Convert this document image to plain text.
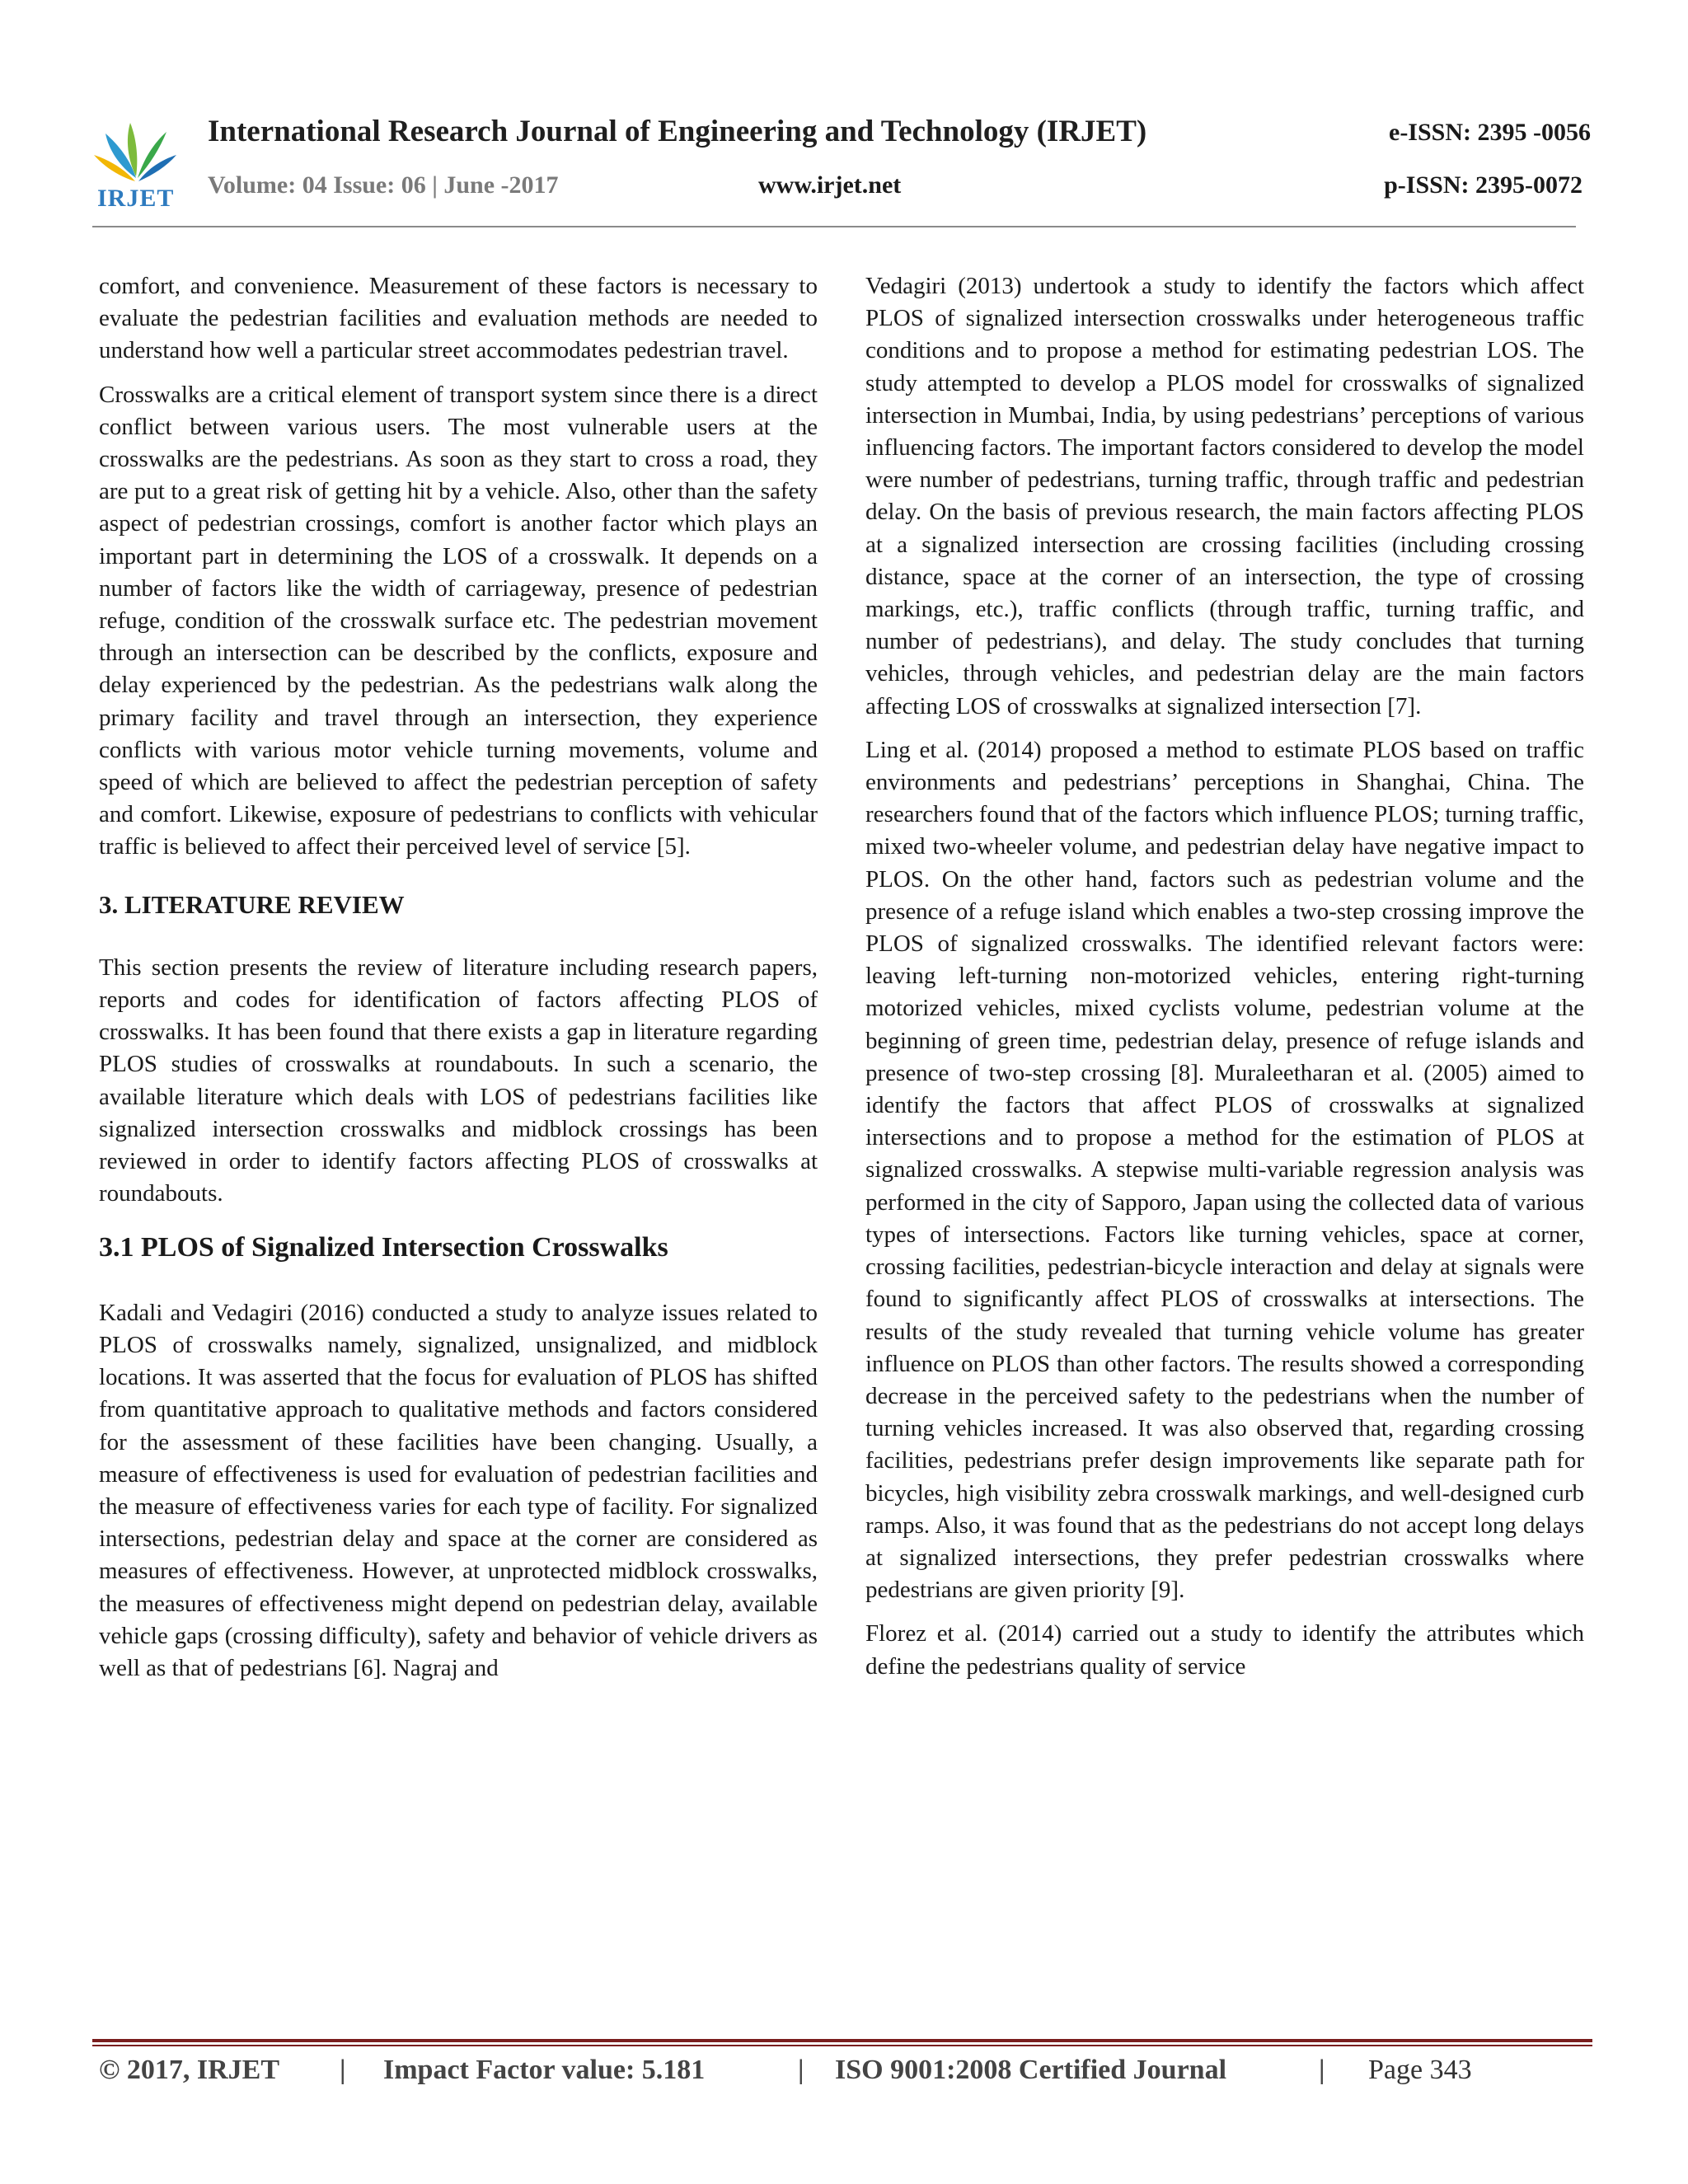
IRJET
International Research Journal of Engineering and Technology (IRJET)	e-ISSN: 2395 -0056
Volume: 04 Issue: 06 | June -2017	www.irjet.net	p-ISSN: 2395-0072

comfort, and convenience. Measurement of these factors is necessary to evaluate the pedestrian facilities and evaluation methods are needed to understand how well a particular street accommodates pedestrian travel.

Crosswalks are a critical element of transport system since there is a direct conflict between various users. The most vulnerable users at the crosswalks are the pedestrians. As soon as they start to cross a road, they are put to a great risk of getting hit by a vehicle. Also, other than the safety aspect of pedestrian crossings, comfort is another factor which plays an important part in determining the LOS of a crosswalk. It depends on a number of factors like the width of carriageway, presence of pedestrian refuge, condition of the crosswalk surface etc. The pedestrian movement through an intersection can be described by the conflicts, exposure and delay experienced by the pedestrian. As the pedestrians walk along the primary facility and travel through an intersection, they experience conflicts with various motor vehicle turning movements, volume and speed of which are believed to affect the pedestrian perception of safety and comfort. Likewise, exposure of pedestrians to conflicts with vehicular traffic is believed to affect their perceived level of service [5].

3. LITERATURE REVIEW

This section presents the review of literature including research papers, reports and codes for identification of factors affecting PLOS of crosswalks. It has been found that there exists a gap in literature regarding PLOS studies of crosswalks at roundabouts. In such a scenario, the available literature which deals with LOS of pedestrians facilities like signalized intersection crosswalks and midblock crossings has been reviewed in order to identify factors affecting PLOS of crosswalks at roundabouts.

3.1 PLOS of Signalized Intersection Crosswalks

Kadali and Vedagiri (2016) conducted a study to analyze issues related to PLOS of crosswalks namely, signalized, unsignalized, and midblock locations. It was asserted that the focus for evaluation of PLOS has shifted from quantitative approach to qualitative methods and factors considered for the assessment of these facilities have been changing. Usually, a measure of effectiveness is used for evaluation of pedestrian facilities and the measure of effectiveness varies for each type of facility. For signalized intersections, pedestrian delay and space at the corner are considered as measures of effectiveness. However, at unprotected midblock crosswalks, the measures of effectiveness might depend on pedestrian delay, available vehicle gaps (crossing difficulty), safety and behavior of vehicle drivers as well as that of pedestrians [6]. Nagraj and

Vedagiri (2013) undertook a study to identify the factors which affect PLOS of signalized intersection crosswalks under heterogeneous traffic conditions and to propose a method for estimating pedestrian LOS. The study attempted to develop a PLOS model for crosswalks of signalized intersection in Mumbai, India, by using pedestrians’ perceptions of various influencing factors. The important factors considered to develop the model were number of pedestrians, turning traffic, through traffic and pedestrian delay. On the basis of previous research, the main factors affecting PLOS at a signalized intersection are crossing facilities (including crossing distance, space at the corner of an intersection, the type of crossing markings, etc.), traffic conflicts (through traffic, turning traffic, and number of pedestrians), and delay. The study concludes that turning vehicles, through vehicles, and pedestrian delay are the main factors affecting LOS of crosswalks at signalized intersection [7].

Ling et al. (2014) proposed a method to estimate PLOS based on traffic environments and pedestrians’ perceptions in Shanghai, China. The researchers found that of the factors which influence PLOS; turning traffic, mixed two-wheeler volume, and pedestrian delay have negative impact to PLOS. On the other hand, factors such as pedestrian volume and the presence of a refuge island which enables a two-step crossing improve the PLOS of signalized crosswalks. The identified relevant factors were: leaving left-turning non-motorized vehicles, entering right-turning motorized vehicles, mixed cyclists volume, pedestrian volume at the beginning of green time, pedestrian delay, presence of refuge islands and presence of two-step crossing [8]. Muraleetharan et al. (2005) aimed to identify the factors that affect PLOS of crosswalks at signalized intersections and to propose a method for the estimation of PLOS at signalized crosswalks. A stepwise multi-variable regression analysis was performed in the city of Sapporo, Japan using the collected data of various types of intersections. Factors like turning vehicles, space at corner, crossing facilities, pedestrian-bicycle interaction and delay at signals were found to significantly affect PLOS of crosswalks at intersections. The results of the study revealed that turning vehicle volume has greater influence on PLOS than other factors. The results showed a corresponding decrease in the perceived safety to the pedestrians when the number of turning vehicles increased. It was also observed that, regarding crossing facilities, pedestrians prefer design improvements like separate path for bicycles, high visibility zebra crosswalk markings, and well-designed curb ramps. Also, it was found that as the pedestrians do not accept long delays at signalized intersections, they prefer pedestrian crosswalks where pedestrians are given priority [9].

Florez et al. (2014) carried out a study to identify the attributes which define the pedestrians quality of service

© 2017, IRJET | Impact Factor value: 5.181	| ISO 9001:2008 Certified Journal	| Page 343
